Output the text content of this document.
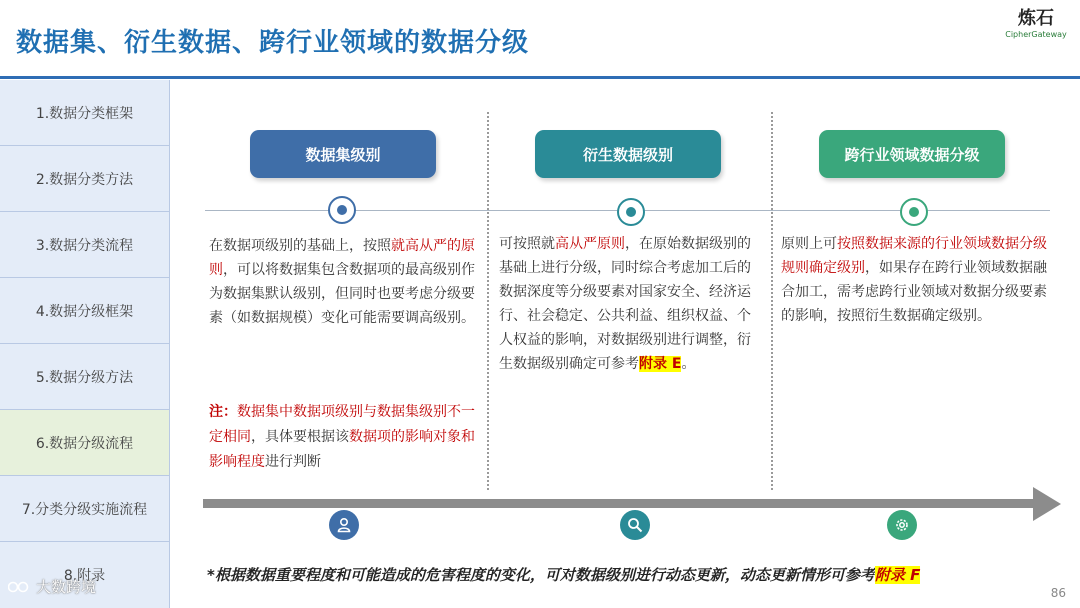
数据集、衍生数据、跨行业领域的数据分级
炼石
CipherGateway
1.数据分类框架
2.数据分类方法
3.数据分类流程
4.数据分级框架
5.数据分级方法
6.数据分级流程
7.分类分级实施流程
8.附录
数据集级别	衍生数据级别	跨行业领域数据分级
在数据项级别的基础上，按照就高从严的原则，可以将数据集包含数据项的最高级别作为数据集默认级别，但同时也要考虑分级要素（如数据规模）变化可能需要调高级别。
注：数据集中数据项级别与数据集级别不一定相同，具体要根据该数据项的影响对象和影响程度进行判断
可按照就高从严原则，在原始数据级别的基础上进行分级，同时综合考虑加工后的数据深度等分级要素对国家安全、经济运行、社会稳定、公共利益、组织权益、个人权益的影响，对数据级别进行调整，衍生数据级别确定可参考附录 E。
原则上可按照数据来源的行业领域数据分级规则确定级别，如果存在跨行业领域数据融合加工，需考虑跨行业领域对数据分级要素的影响，按照衍生数据确定级别。
*根据数据重要程度和可能造成的危害程度的变化，可对数据级别进行动态更新，动态更新情形可参考附录 F
86
大数跨境
